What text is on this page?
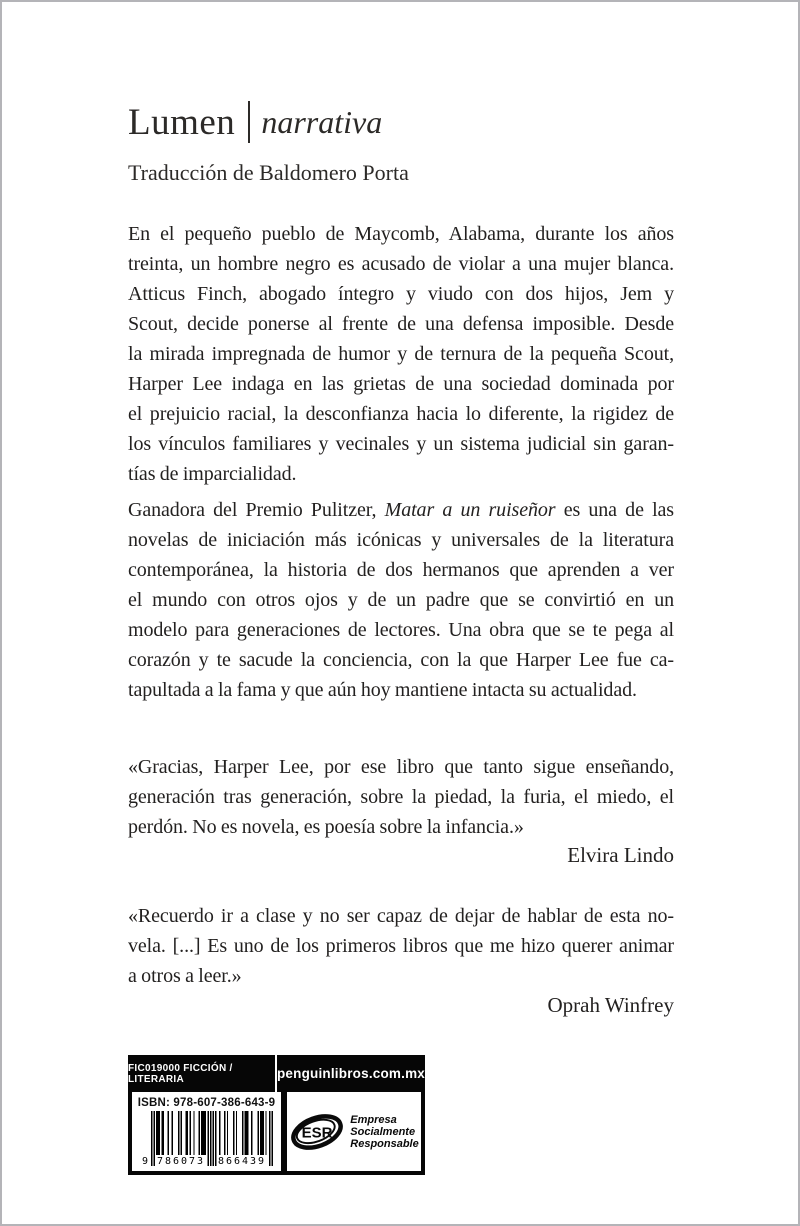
Lumen narrativa
Traducción de Baldomero Porta
En el pequeño pueblo de Maycomb, Alabama, durante los años
treinta, un hombre negro es acusado de violar a una mujer blanca.
Atticus Finch, abogado íntegro y viudo con dos hijos, Jem y
Scout, decide ponerse al frente de una defensa imposible. Desde
la mirada impregnada de humor y de ternura de la pequeña Scout,
Harper Lee indaga en las grietas de una sociedad dominada por
el prejuicio racial, la desconfianza hacia lo diferente, la rigidez de
los vínculos familiares y vecinales y un sistema judicial sin garan-
tías de imparcialidad.
Ganadora del Premio Pulitzer, Matar a un ruiseñor es una de las
novelas de iniciación más icónicas y universales de la literatura
contemporánea, la historia de dos hermanos que aprenden a ver
el mundo con otros ojos y de un padre que se convirtió en un
modelo para generaciones de lectores. Una obra que se te pega al
corazón y te sacude la conciencia, con la que Harper Lee fue ca-
tapultada a la fama y que aún hoy mantiene intacta su actualidad.
«Gracias, Harper Lee, por ese libro que tanto sigue enseñando,
generación tras generación, sobre la piedad, la furia, el miedo, el
perdón. No es novela, es poesía sobre la infancia.»
Elvira Lindo
«Recuerdo ir a clase y no ser capaz de dejar de hablar de esta no-
vela. [...] Es uno de los primeros libros que me hizo querer animar
a otros a leer.»
Oprah Winfrey
FIC019000 FICCIÓN / LITERARIA	penguinlibros.com.mx
ISBN: 978-607-386-643-9
9 786073 866439
ESR
Empresa
Socialmente
Responsable
